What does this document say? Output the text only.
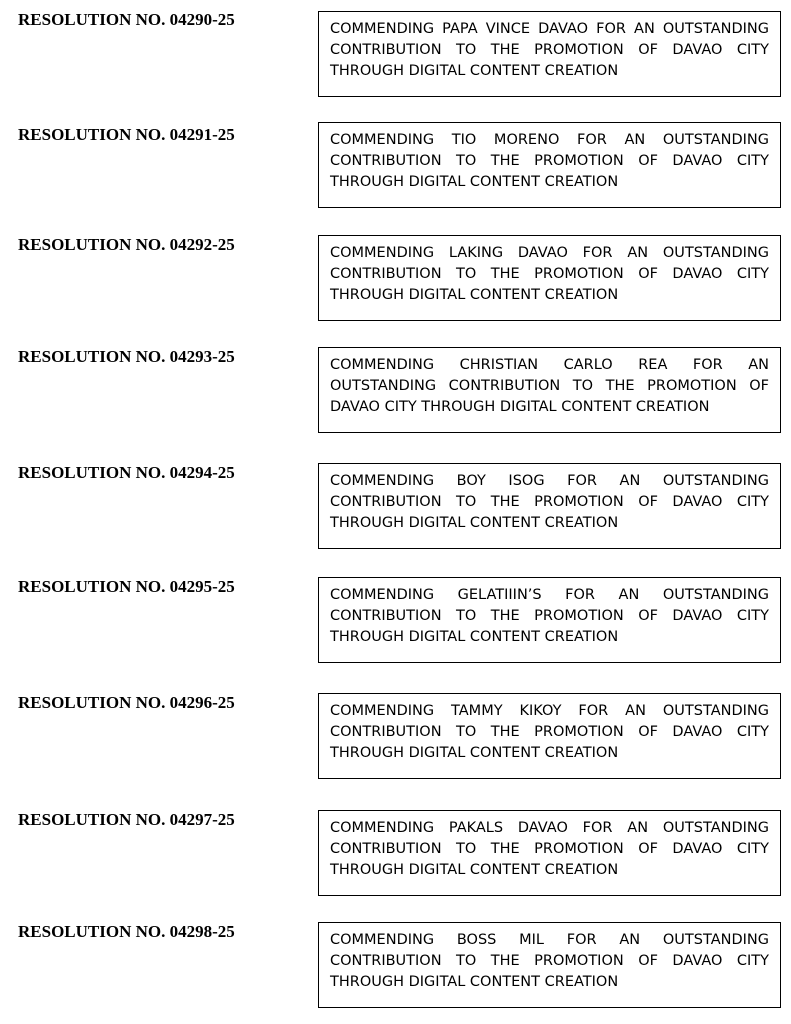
RESOLUTION NO. 04290-25	COMMENDING PAPA VINCE DAVAO FOR AN OUTSTANDING CONTRIBUTION TO THE PROMOTION OF DAVAO CITY THROUGH DIGITAL CONTENT CREATION
RESOLUTION NO. 04291-25	COMMENDING TIO MORENO FOR AN OUTSTANDING CONTRIBUTION TO THE PROMOTION OF DAVAO CITY THROUGH DIGITAL CONTENT CREATION
RESOLUTION NO. 04292-25	COMMENDING LAKING DAVAO FOR AN OUTSTANDING CONTRIBUTION TO THE PROMOTION OF DAVAO CITY THROUGH DIGITAL CONTENT CREATION
RESOLUTION NO. 04293-25	COMMENDING CHRISTIAN CARLO REA FOR AN OUTSTANDING CONTRIBUTION TO THE PROMOTION OF DAVAO CITY THROUGH DIGITAL CONTENT CREATION
RESOLUTION NO. 04294-25	COMMENDING BOY ISOG FOR AN OUTSTANDING CONTRIBUTION TO THE PROMOTION OF DAVAO CITY THROUGH DIGITAL CONTENT CREATION
RESOLUTION NO. 04295-25	COMMENDING GELATIIIN’S FOR AN OUTSTANDING CONTRIBUTION TO THE PROMOTION OF DAVAO CITY THROUGH DIGITAL CONTENT CREATION
RESOLUTION NO. 04296-25	COMMENDING TAMMY KIKOY FOR AN OUTSTANDING CONTRIBUTION TO THE PROMOTION OF DAVAO CITY THROUGH DIGITAL CONTENT CREATION
RESOLUTION NO. 04297-25	COMMENDING PAKALS DAVAO FOR AN OUTSTANDING CONTRIBUTION TO THE PROMOTION OF DAVAO CITY THROUGH DIGITAL CONTENT CREATION
RESOLUTION NO. 04298-25	COMMENDING BOSS MIL FOR AN OUTSTANDING CONTRIBUTION TO THE PROMOTION OF DAVAO CITY THROUGH DIGITAL CONTENT CREATION
